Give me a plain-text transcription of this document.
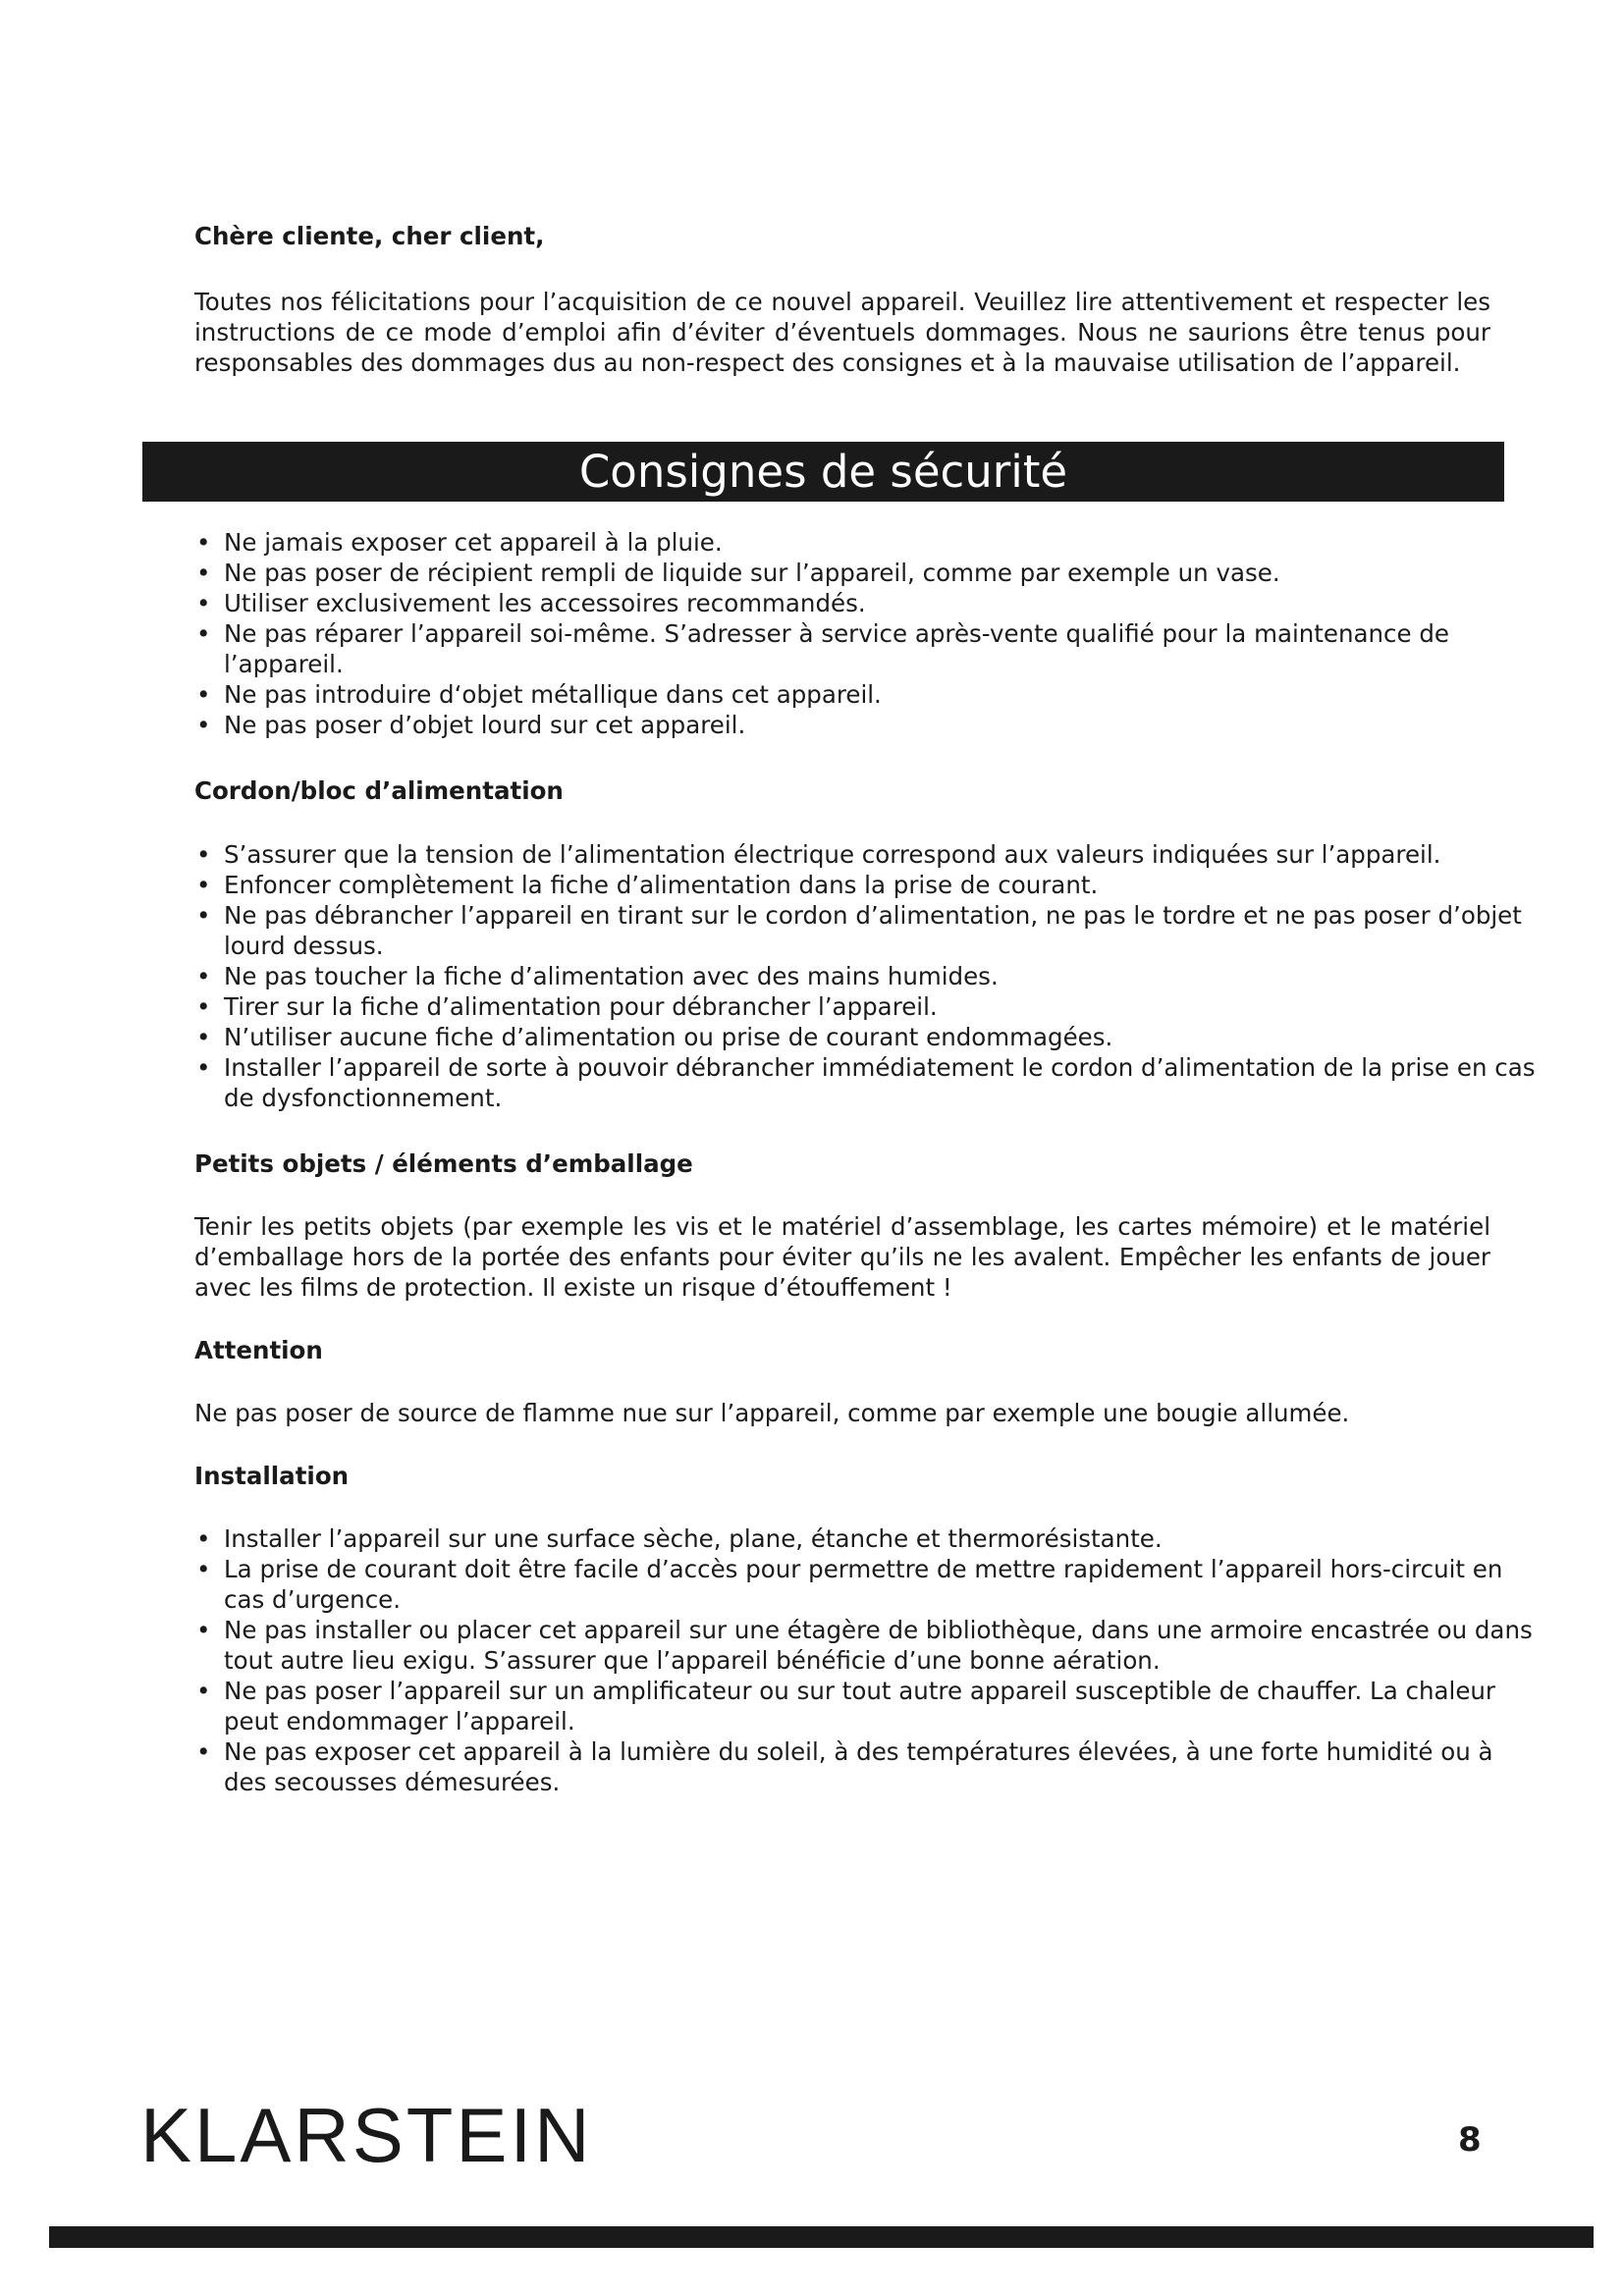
Chère cliente, cher client,

Toutes nos félicitations pour l’acquisition de ce nouvel appareil. Veuillez lire attentivement et respecter les instructions de ce mode d’emploi afin d’éviter d’éventuels dommages. Nous ne saurions être tenus pour responsables des dommages dus au non-respect des consignes et à la mauvaise utilisation de l’appareil.

Consignes de sécurité
• Ne jamais exposer cet appareil à la pluie.
• Ne pas poser de récipient rempli de liquide sur l’appareil, comme par exemple un vase.
• Utiliser exclusivement les accessoires recommandés.
• Ne pas réparer l’appareil soi-même. S’adresser à service après-vente qualifié pour la maintenance de l’appareil.
• Ne pas introduire d‘objet métallique dans cet appareil.
• Ne pas poser d’objet lourd sur cet appareil.

Cordon/bloc d’alimentation

• S’assurer que la tension de l’alimentation électrique correspond aux valeurs indiquées sur l’appareil.
• Enfoncer complètement la fiche d’alimentation dans la prise de courant.
• Ne pas débrancher l’appareil en tirant sur le cordon d’alimentation, ne pas le tordre et ne pas poser d’objet lourd dessus.
• Ne pas toucher la fiche d’alimentation avec des mains humides.
• Tirer sur la fiche d’alimentation pour débrancher l’appareil.
• N’utiliser aucune fiche d’alimentation ou prise de courant endommagées.
• Installer l’appareil de sorte à pouvoir débrancher immédiatement le cordon d’alimentation de la prise en cas de dysfonctionnement.

Petits objets / éléments d’emballage

Tenir les petits objets (par exemple les vis et le matériel d’assemblage, les cartes mémoire) et le matériel d’emballage hors de la portée des enfants pour éviter qu’ils ne les avalent. Empêcher les enfants de jouer avec les films de protection. Il existe un risque d’étouffement !

Attention

Ne pas poser de source de flamme nue sur l’appareil, comme par exemple une bougie allumée.

Installation

• Installer l’appareil sur une surface sèche, plane, étanche et thermorésistante.
• La prise de courant doit être facile d’accès pour permettre de mettre rapidement l’appareil hors-circuit en cas d’urgence.
• Ne pas installer ou placer cet appareil sur une étagère de bibliothèque, dans une armoire encastrée ou dans tout autre lieu exigu. S’assurer que l’appareil bénéficie d’une bonne aération.
• Ne pas poser l’appareil sur un amplificateur ou sur tout autre appareil susceptible de chauffer. La chaleur peut endommager l’appareil.
• Ne pas exposer cet appareil à la lumière du soleil, à des températures élevées, à une forte humidité ou à des secousses démesurées.
KLARSTEIN	8
